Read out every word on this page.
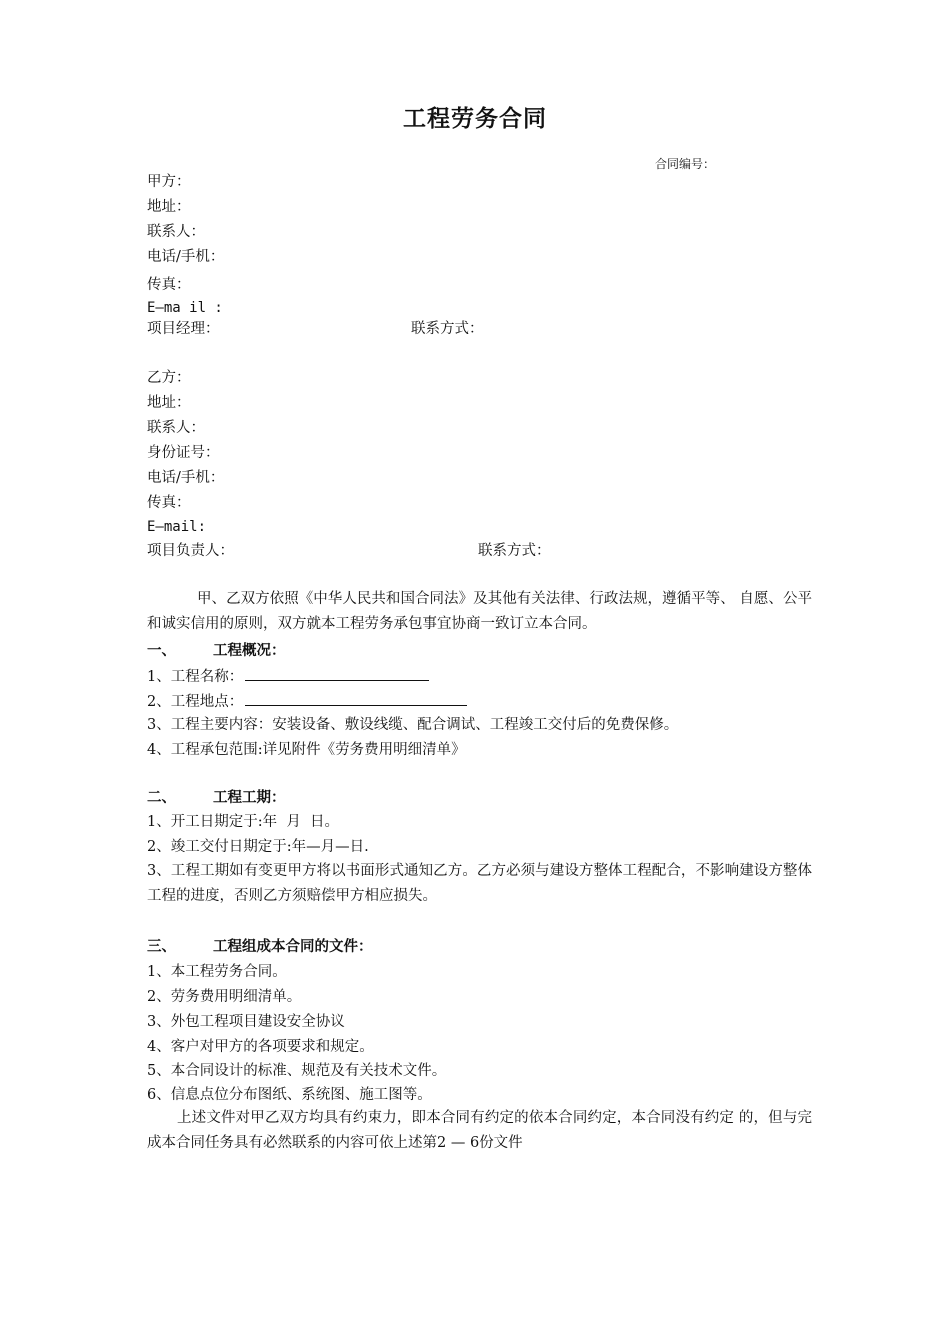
工程劳务合同
合同编号：
甲方：
地址：
联系人：
电话/手机：
传真：
E—ma il :
项目经理：	联系方式：
乙方：
地址：
联系人：
身份证号：
电话/手机：
传真：
E—mail:
项目负责人：	联系方式：
甲、乙双方依照《中华人民共和国合同法》及其他有关法律、行政法规，遵循平等、 自愿、公平和诚实信用的原则，双方就本工程劳务承包事宜协商一致订立本合同。
一、	工程概况：
1、工程名称：
2、工程地点：
3、工程主要内容：安装设备、敷设线缆、配合调试、工程竣工交付后的免费保修。
4、工程承包范围:详见附件《劳务费用明细清单》
二、	工程工期：
1、开工日期定于:年  月  日。
2、竣工交付日期定于:年—月—日.
3、工程工期如有变更甲方将以书面形式通知乙方。乙方必须与建设方整体工程配合，不影响建设方整体工程的进度，否则乙方须赔偿甲方相应损失。
三、	工程组成本合同的文件：
1、本工程劳务合同。
2、劳务费用明细清单。
3、外包工程项目建设安全协议
4、客户对甲方的各项要求和规定。
5、本合同设计的标准、规范及有关技术文件。
6、信息点位分布图纸、系统图、施工图等。
上述文件对甲乙双方均具有约束力，即本合同有约定的依本合同约定，本合同没有约定 的，但与完成本合同任务具有必然联系的内容可依上述第2 — 6份文件
